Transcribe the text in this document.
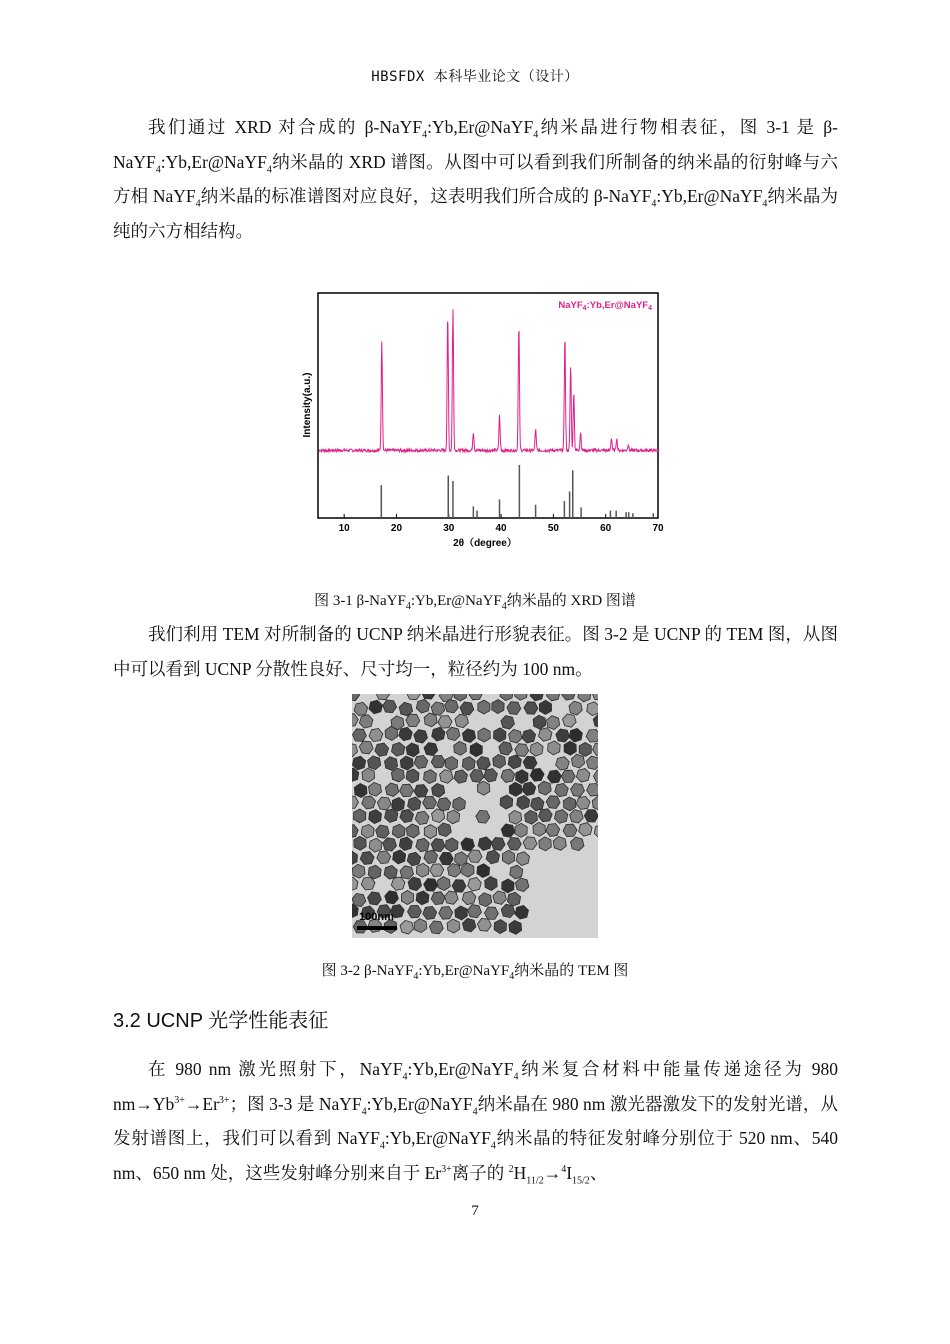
HBSFDX 本科毕业论文（设计）

我们通过 XRD 对合成的 β-NaYF$_4$:Yb,Er@NaYF$_4$纳米晶进行物相表征，图 3-1 是 β-NaYF$_4$:Yb,Er@NaYF$_4$纳米晶的 XRD 谱图。从图中可以看到我们所制备的纳米晶的衍射峰与六方相 NaYF$_4$纳米晶的标准谱图对应良好，这表明我们所合成的 β-NaYF$_4$:Yb,Er@NaYF$_4$纳米晶为纯的六方相结构。

10	20	30	40	50	60	70
NaYF$_4$:Yb,Er@NaYF$_4$
Intensity(a.u.)
2θ（degree）
图 3-1 β-NaYF$_4$:Yb,Er@NaYF$_4$纳米晶的 XRD 图谱

我们利用 TEM 对所制备的 UCNP 纳米晶进行形貌表征。图 3-2 是 UCNP 的 TEM 图，从图中可以看到 UCNP 分散性良好、尺寸均一，粒径约为 100 nm。

100nm
图 3-2 β-NaYF$_4$:Yb,Er@NaYF$_4$纳米晶的 TEM 图
3.2 UCNP 光学性能表征

在 980 nm 激光照射下，NaYF$_4$:Yb,Er@NaYF$_4$纳米复合材料中能量传递途径为 980 $nm\to Yb^{3+}\to Er^{3+}$；图 3-3 是 NaYF$_4$:Yb,Er@NaYF$_4$纳米晶在 980 nm 激光器激发下的发射光谱，从发射谱图上，我们可以看到 NaYF$_4$:Yb,Er@NaYF$_4$纳米晶的特征发射峰分别位于 520 nm、540 nm、650 nm 处，这些发射峰分别来自于 $Er^{3+}$离子的 $^2H_{11/2}\to^4I_{15/2}$、

7
